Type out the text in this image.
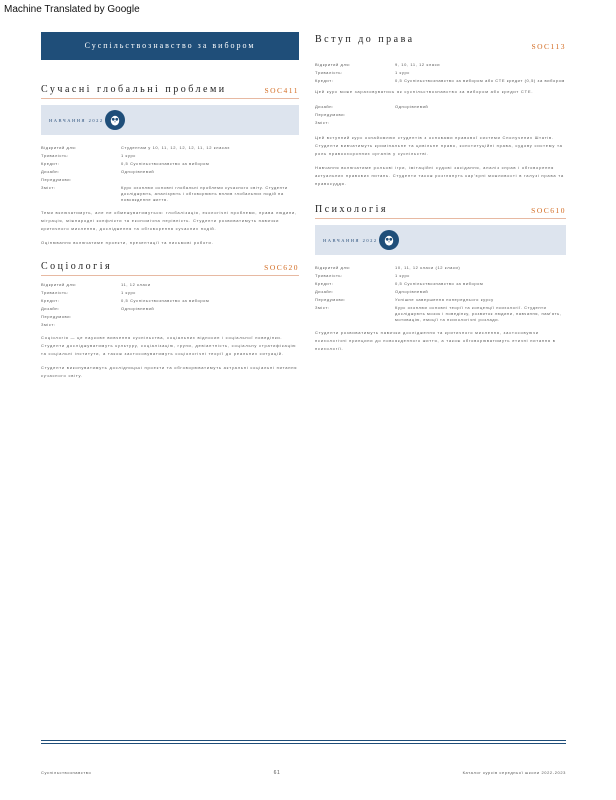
Machine Translated by Google
Суспільствознавство за вибором
Сучасні глобальні проблеми	SOC411
НАВЧАННЯ 2022
Відкритий для:	Студентам у 10, 11, 12, 12, 12, 11, 12 класах
Тривалість:	1 курс
Кредит:	0,5 Суспільствознавство за вибором
Дизайн:	Однорівневий
Передумови:
Зміст:	Курс охоплює основні глобальні проблеми сучасного світу. Студенти досліджують, аналізують і обговорюють вплив глобальних подій на повсякденне життя.
Теми включатимуть, але не обмежуватимуться: глобалізація, екологічні проблеми, права людини, міграція, міжнародні конфлікти та економічна нерівність. Студенти розвиватимуть навички критичного мислення, дослідження та обговорення сучасних подій.
Оцінювання включатиме проекти, презентації та письмові роботи.
Соціологія	SOC620
Відкритий для:	11, 12 класи
Тривалість:	1 курс
Кредит:	0,5 Суспільствознавство за вибором
Дизайн:	Однорівневий
Передумови:
Зміст:
Соціологія — це наукове вивчення суспільства, соціальних відносин і соціальної поведінки. Студенти досліджуватимуть культуру, соціалізацію, групи, девіантність, соціальну стратифікацію та соціальні інститути, а також застосовуватимуть соціологічні теорії до реальних ситуацій.
Студенти виконуватимуть дослідницькі проекти та обговорюватимуть актуальні соціальні питання сучасного світу.
Вступ до права
SOC113
Відкритий для:	9, 10, 11, 12 класи
Тривалість:	1 курс
Кредит:	0,5 Суспільствознавство за вибором або CTE кредит (0,5) за вибором
Цей курс може зараховуватись як суспільствознавство за вибором або кредит CTE.
Дизайн:	Однорівневий
Передумови:
Зміст:
Цей вступний курс ознайомлює студентів з основами правової системи Сполучених Штатів. Студенти вивчатимуть кримінальне та цивільне право, конституційні права, судову систему та роль правоохоронних органів у суспільстві.
Навчання включатиме рольові ігри, імітаційні судові засідання, аналіз справ і обговорення актуальних правових питань. Студенти також розглянуть кар’єрні можливості в галузі права та правосуддя.
Психологія	SOC610
НАВЧАННЯ 2022
Відкритий для:	10, 11, 12 класи (12 класи)
Тривалість:	1 курс
Кредит:	0,5 Суспільствознавство за вибором
Дизайн:	Однорівневий
Передумови:	Успішне завершення попереднього курсу
Зміст:	Курс охоплює основні теорії та концепції психології. Студенти досліджують мозок і поведінку, розвиток людини, навчання, пам’ять, мотивацію, емоції та психологічні розлади.
Студенти розвиватимуть навички дослідження та критичного мислення, застосовуючи психологічні принципи до повсякденного життя, а також обговорюватимуть етичні питання в психології.
Суспільствознавство	61	Каталог курсів середньої школи 2022-2023
